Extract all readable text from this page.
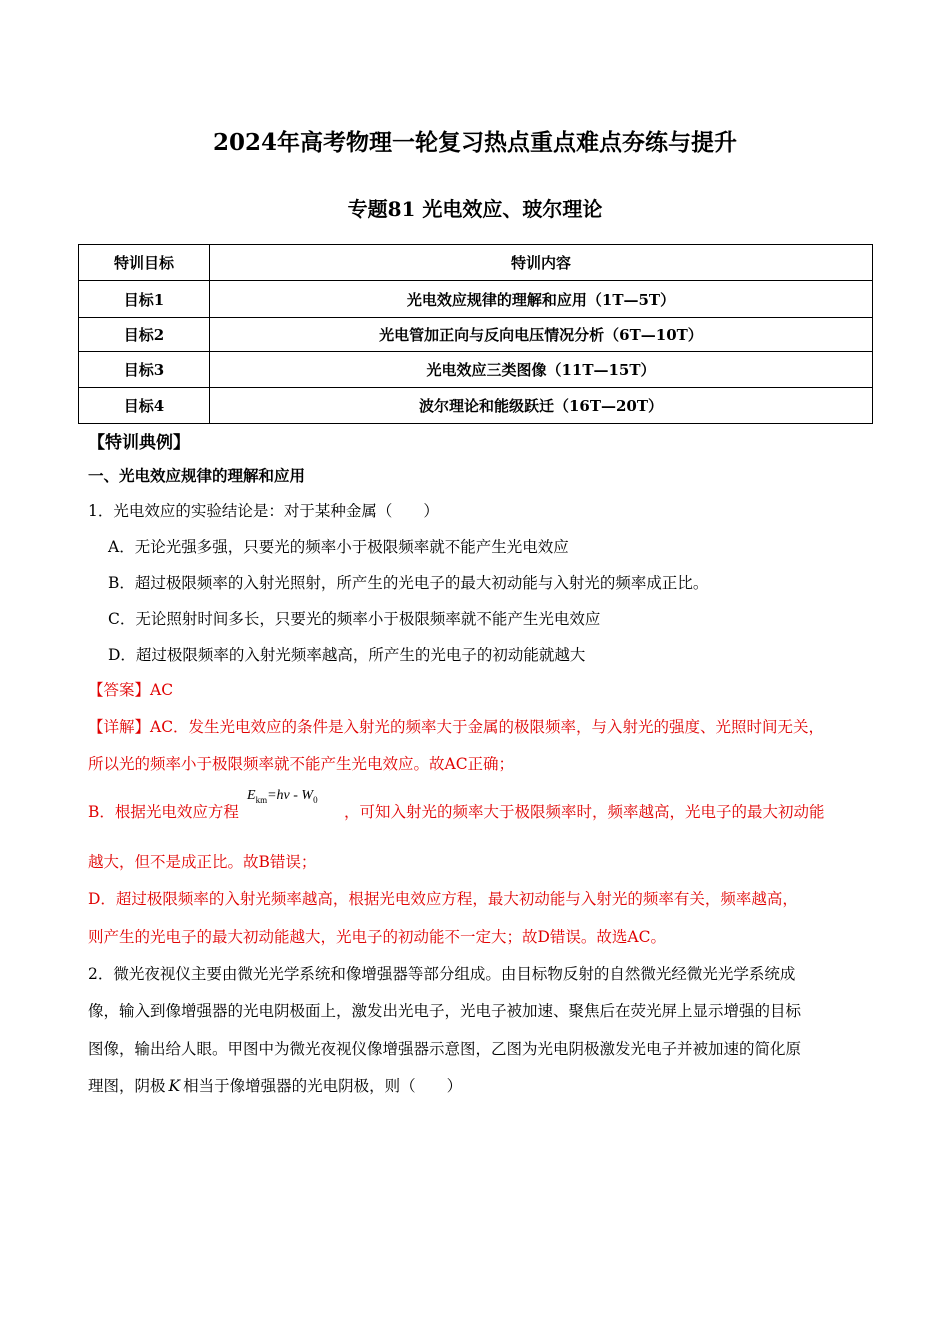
2024年高考物理一轮复习热点重点难点夯练与提升
专题81 光电效应、玻尔理论
特训目标	特训内容
目标1	光电效应规律的理解和应用（1T—5T）
目标2	光电管加正向与反向电压情况分析（6T—10T）
目标3	光电效应三类图像（11T—15T）
目标4	波尔理论和能级跃迁（16T—20T）
【特训典例】
一、光电效应规律的理解和应用
1．光电效应的实验结论是：对于某种金属（　　）
A．无论光强多强，只要光的频率小于极限频率就不能产生光电效应
B．超过极限频率的入射光照射，所产生的光电子的最大初动能与入射光的频率成正比。
C．无论照射时间多长，只要光的频率小于极限频率就不能产生光电效应
D．超过极限频率的入射光频率越高，所产生的光电子的初动能就越大
【答案】AC
【详解】AC．发生光电效应的条件是入射光的频率大于金属的极限频率，与入射光的强度、光照时间无关，
所以光的频率小于极限频率就不能产生光电效应。故AC正确；
B．根据光电效应方程
$E_{km}=h\nu - W_0$
，可知入射光的频率大于极限频率时，频率越高，光电子的最大初动能
越大，但不是成正比。故B错误；
D．超过极限频率的入射光频率越高，根据光电效应方程，最大初动能与入射光的频率有关，频率越高，
则产生的光电子的最大初动能越大，光电子的初动能不一定大；故D错误。故选AC。
2．微光夜视仪主要由微光光学系统和像增强器等部分组成。由目标物反射的自然微光经微光光学系统成
像，输入到像增强器的光电阴极面上，激发出光电子，光电子被加速、聚焦后在荧光屏上显示增强的目标
图像，输出给人眼。甲图中为微光夜视仪像增强器示意图，乙图为光电阴极激发光电子并被加速的简化原
理图，阴极 K 相当于像增强器的光电阴极，则（　　）
